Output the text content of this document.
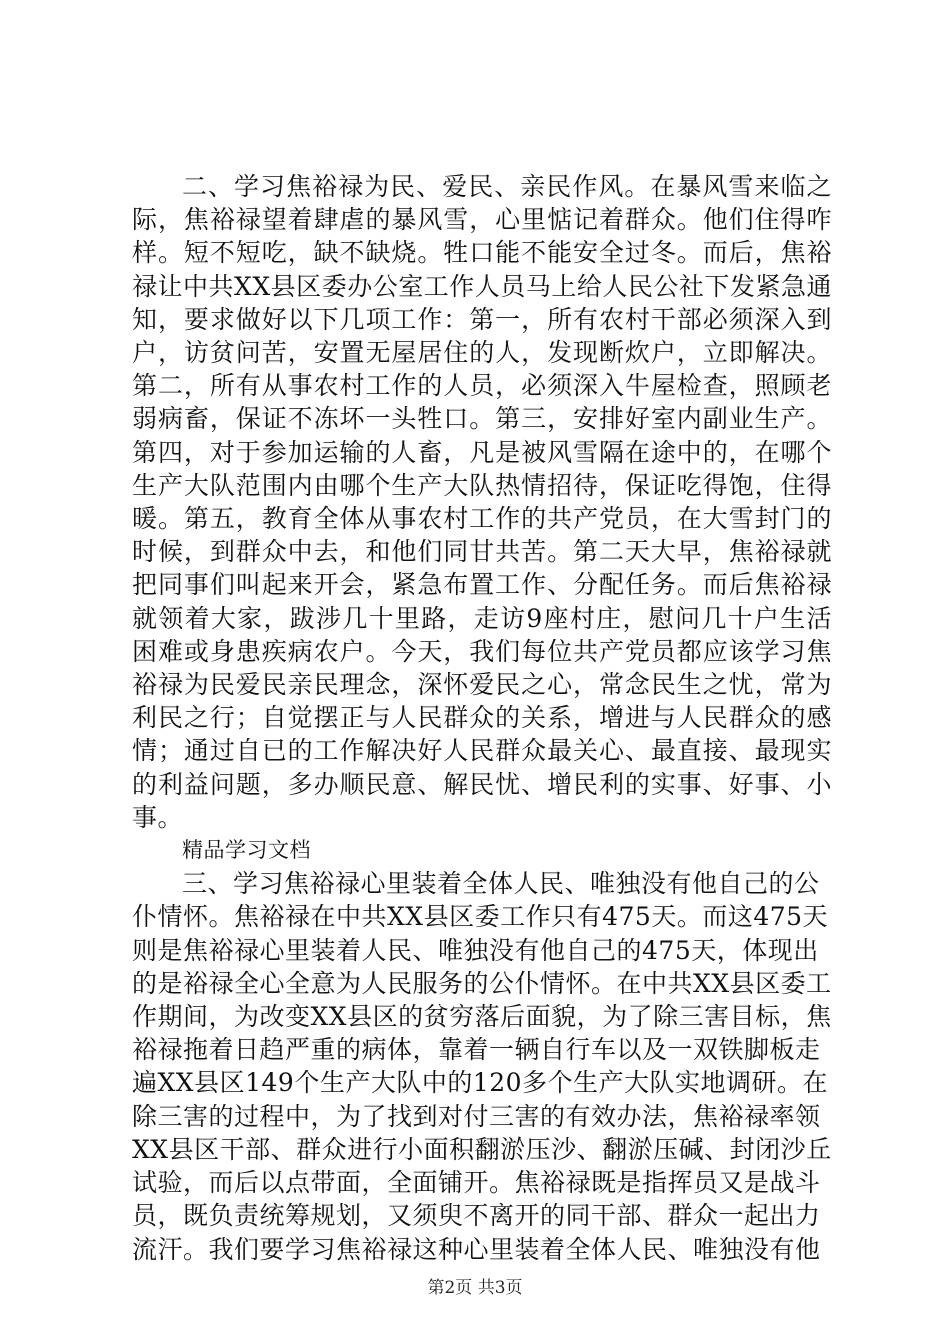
二、学习焦裕禄为民、爱民、亲民作风。在暴风雪来临之际，焦裕禄望着肆虐的暴风雪，心里惦记着群众。他们住得咋样。短不短吃，缺不缺烧。牲口能不能安全过冬。而后，焦裕禄让中共XX县区委办公室工作人员马上给人民公社下发紧急通知，要求做好以下几项工作：第一，所有农村干部必须深入到户，访贫问苦，安置无屋居住的人，发现断炊户，立即解决。第二，所有从事农村工作的人员，必须深入牛屋检查，照顾老弱病畜，保证不冻坏一头牲口。第三，安排好室内副业生产。第四，对于参加运输的人畜，凡是被风雪隔在途中的，在哪个生产大队范围内由哪个生产大队热情招待，保证吃得饱，住得暖。第五，教育全体从事农村工作的共产党员，在大雪封门的时候，到群众中去，和他们同甘共苦。第二天大早，焦裕禄就把同事们叫起来开会，紧急布置工作、分配任务。而后焦裕禄就领着大家，跋涉几十里路，走访9座村庄，慰问几十户生活困难或身患疾病农户。今天，我们每位共产党员都应该学习焦裕禄为民爱民亲民理念，深怀爱民之心，常念民生之忧，常为利民之行；自觉摆正与人民群众的关系，增进与人民群众的感情；通过自已的工作解决好人民群众最关心、最直接、最现实的利益问题，多办顺民意、解民忧、增民利的实事、好事、小事。

精品学习文档

三、学习焦裕禄心里装着全体人民、唯独没有他自己的公仆情怀。焦裕禄在中共XX县区委工作只有475天。而这475天则是焦裕禄心里装着人民、唯独没有他自己的475天，体现出的是裕禄全心全意为人民服务的公仆情怀。在中共XX县区委工作期间，为改变XX县区的贫穷落后面貌，为了除三害目标，焦裕禄拖着日趋严重的病体，靠着一辆自行车以及一双铁脚板走遍XX县区149个生产大队中的120多个生产大队实地调研。在除三害的过程中，为了找到对付三害的有效办法，焦裕禄率领XX县区干部、群众进行小面积翻淤压沙、翻淤压碱、封闭沙丘试验，而后以点带面，全面铺开。焦裕禄既是指挥员又是战斗员，既负责统筹规划，又须臾不离开的同干部、群众一起出力流汗。我们要学习焦裕禄这种心里装着全体人民、唯独没有他

第2页 共3页
